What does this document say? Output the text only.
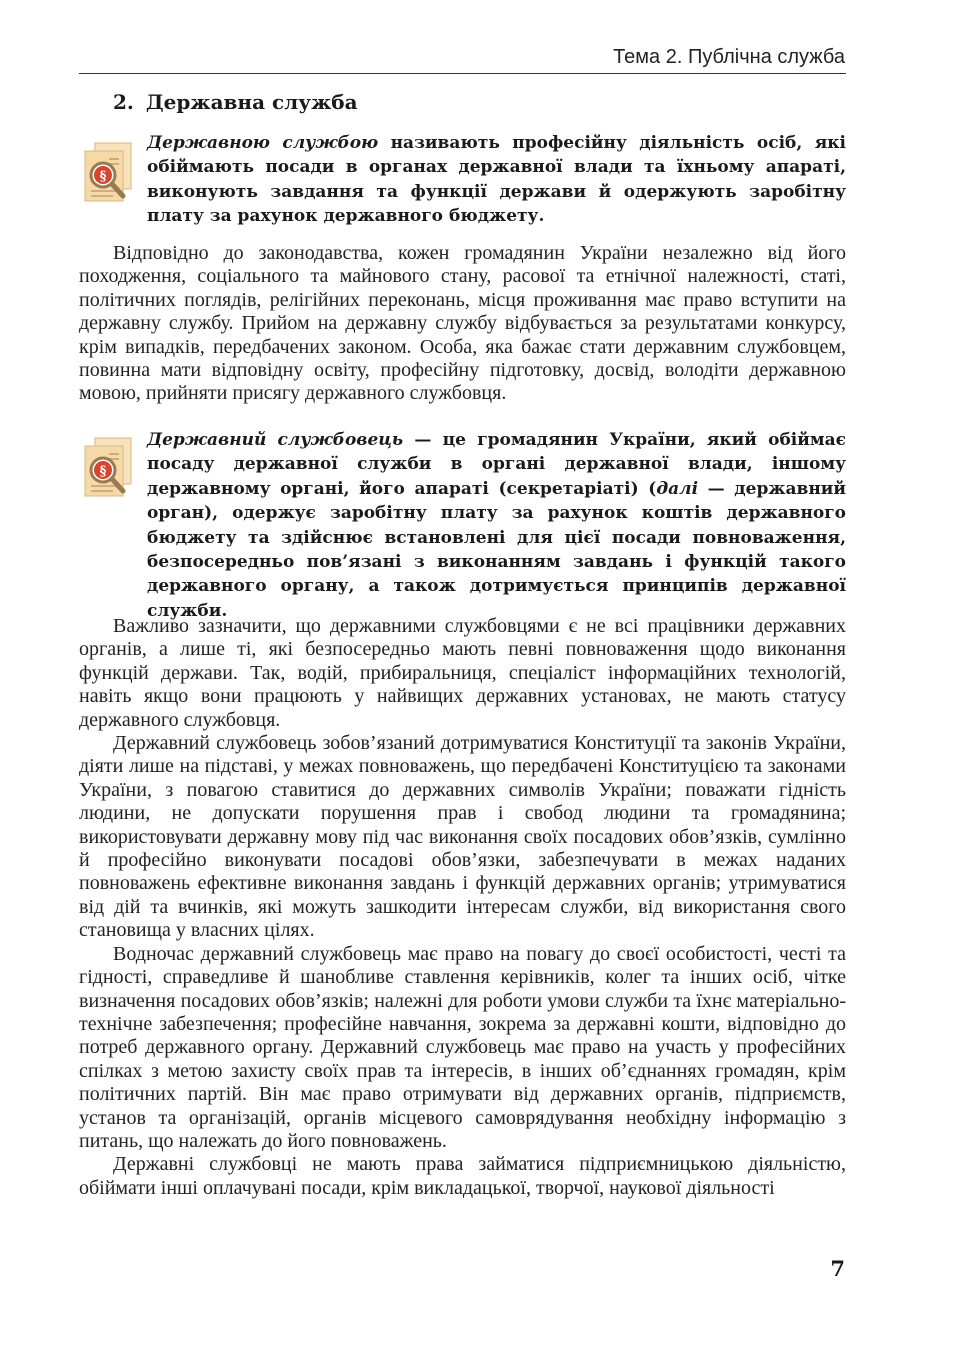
Тема 2. Публічна служба
2. Державна служба
§

Державною службою називають професійну діяльність осіб, які обіймають посади в органах державної влади та їхньому апараті, виконують завдання та функції держави й одержують заробітну плату за рахунок державного бюджету.

Відповідно до законодавства, кожен громадянин України незалежно від його походження, соціального та майнового стану, расової та етнічної належності, статі, політичних поглядів, релігійних переконань, місця проживання має право вступити на державну службу. Прийом на державну службу відбувається за результатами конкурсу, крім випадків, передбачених законом. Особа, яка бажає стати державним службовцем, повинна мати відповідну освіту, професійну підготовку, досвід, володіти державною мовою, прийняти присягу державного службовця.

§

Державний службовець — це громадянин України, який обіймає посаду державної служби в органі державної влади, іншому державному органі, його апараті (секретаріаті) (далі — державний орган), одержує заробітну плату за рахунок коштів державного бюджету та здійснює встановлені для цієї посади повноваження, безпосередньо пов’язані з виконанням завдань і функцій такого державного органу, а також дотримується принципів державної служби.

Важливо зазначити, що державними службовцями є не всі працівники державних органів, а лише ті, які безпосередньо мають певні повноваження щодо виконання функцій держави. Так, водій, прибиральниця, спеціаліст інформаційних технологій, навіть якщо вони працюють у найвищих державних установах, не мають статусу державного службовця.

Державний службовець зобов’язаний дотримуватися Конституції та законів України, діяти лише на підставі, у межах повноважень, що передбачені Конституцією та законами України, з повагою ставитися до державних символів України; поважати гідність людини, не допускати порушення прав і свобод людини та громадянина; використовувати державну мову під час виконання своїх посадових обов’язків, сумлінно й професійно виконувати посадові обов’язки, забезпечувати в межах наданих повноважень ефективне виконання завдань і функцій державних органів; утримуватися від дій та вчинків, які можуть зашкодити інтересам служби, від використання свого становища у власних цілях.

Водночас державний службовець має право на повагу до своєї особистості, честі та гідності, справедливе й шанобливе ставлення керівників, колег та інших осіб, чітке визначення посадових обов’язків; належні для роботи умови служби та їхнє матеріально-технічне забезпечення; професійне навчання, зокрема за державні кошти, відповідно до потреб державного органу. Державний службовець має право на участь у професійних спілках з метою захисту своїх прав та інтересів, в інших об’єднаннях громадян, крім політичних партій. Він має право отримувати від державних органів, підприємств, установ та організацій, органів місцевого самоврядування необхідну інформацію з питань, що належать до його повноважень.

Державні службовці не мають права займатися підприємницькою діяльністю, обіймати інші оплачувані посади, крім викладацької, творчої, наукової діяльності

7
